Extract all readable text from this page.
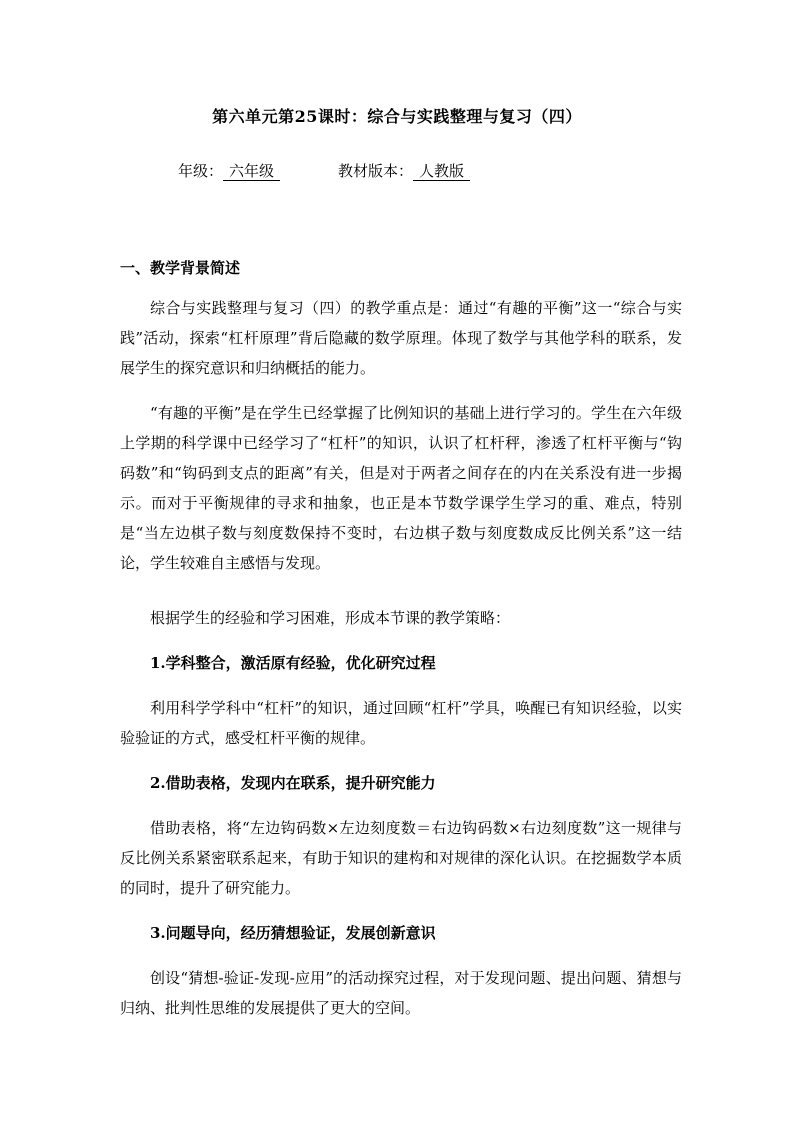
第六单元第25课时：综合与实践整理与复习（四）
年级： 六年级	教材版本： 人教版
一、教学背景简述
综合与实践整理与复习（四）的教学重点是：通过“有趣的平衡”这一“综合与实践”活动，探索“杠杆原理”背后隐藏的数学原理。体现了数学与其他学科的联系，发展学生的探究意识和归纳概括的能力。
“有趣的平衡”是在学生已经掌握了比例知识的基础上进行学习的。学生在六年级上学期的科学课中已经学习了“杠杆”的知识，认识了杠杆秤，渗透了杠杆平衡与“钩码数”和“钩码到支点的距离”有关，但是对于两者之间存在的内在关系没有进一步揭示。而对于平衡规律的寻求和抽象，也正是本节数学课学生学习的重、难点，特别是“当左边棋子数与刻度数保持不变时，右边棋子数与刻度数成反比例关系”这一结论，学生较难自主感悟与发现。
根据学生的经验和学习困难，形成本节课的教学策略：
1.学科整合，激活原有经验，优化研究过程
利用科学学科中“杠杆”的知识，通过回顾“杠杆”学具，唤醒已有知识经验，以实验验证的方式，感受杠杆平衡的规律。
2.借助表格，发现内在联系，提升研究能力
借助表格，将“左边钩码数×左边刻度数＝右边钩码数×右边刻度数”这一规律与反比例关系紧密联系起来，有助于知识的建构和对规律的深化认识。在挖掘数学本质的同时，提升了研究能力。
3.问题导向，经历猜想验证，发展创新意识
创设“猜想-验证-发现-应用”的活动探究过程，对于发现问题、提出问题、猜想与归纳、批判性思维的发展提供了更大的空间。
